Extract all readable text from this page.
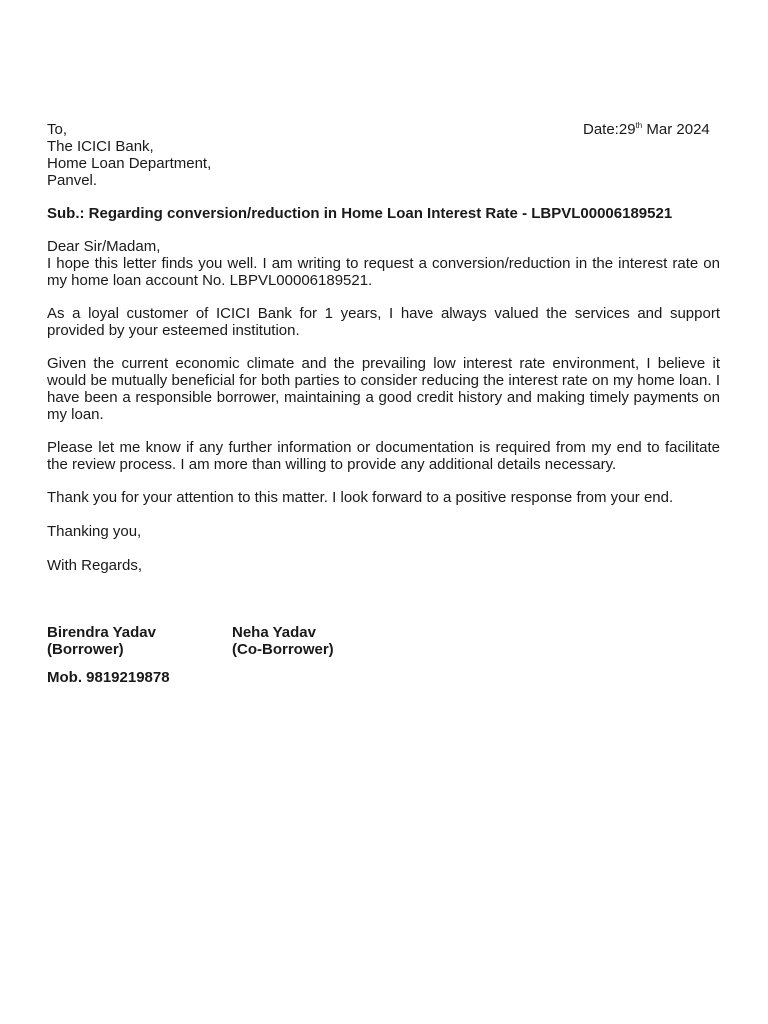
Date:29th Mar 2024
To,
The ICICI Bank,
Home Loan Department,
Panvel.
Sub.: Regarding conversion/reduction in Home Loan Interest Rate - LBPVL00006189521
Dear Sir/Madam,

I hope this letter finds you well. I am writing to request a conversion/reduction in the interest rate on my home loan account No. LBPVL00006189521.

As a loyal customer of ICICI Bank for 1 years, I have always valued the services and support provided by your esteemed institution.

Given the current economic climate and the prevailing low interest rate environment, I believe it would be mutually beneficial for both parties to consider reducing the interest rate on my home loan. I have been a responsible borrower, maintaining a good credit history and making timely payments on my loan.

Please let me know if any further information or documentation is required from my end to facilitate the review process. I am more than willing to provide any additional details necessary.

Thank you for your attention to this matter. I look forward to a positive response from your end.

Thanking you,
With Regards,
Birendra Yadav
(Borrower)
Neha Yadav
(Co-Borrower)
Mob. 9819219878
